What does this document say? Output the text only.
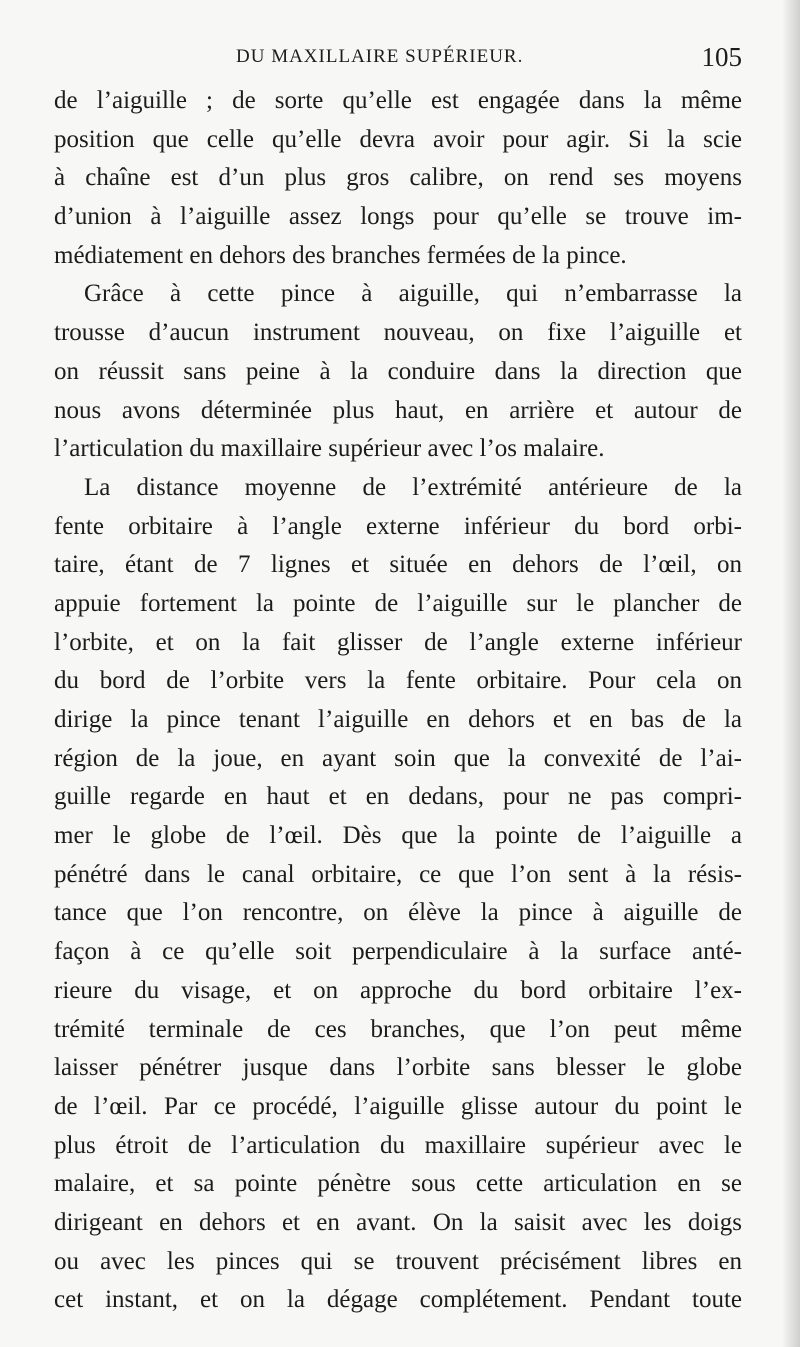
DU MAXILLAIRE SUPÉRIEUR.	105
de l’aiguille ; de sorte qu’elle est engagée dans la même
position que celle qu’elle devra avoir pour agir. Si la scie
à chaîne est d’un plus gros calibre, on rend ses moyens
d’union à l’aiguille assez longs pour qu’elle se trouve im-
médiatement en dehors des branches fermées de la pince.
Grâce à cette pince à aiguille, qui n’embarrasse la
trousse d’aucun instrument nouveau, on fixe l’aiguille et
on réussit sans peine à la conduire dans la direction que
nous avons déterminée plus haut, en arrière et autour de
l’articulation du maxillaire supérieur avec l’os malaire.
La distance moyenne de l’extrémité antérieure de la
fente orbitaire à l’angle externe inférieur du bord orbi-
taire, étant de 7 lignes et située en dehors de l’œil, on
appuie fortement la pointe de l’aiguille sur le plancher de
l’orbite, et on la fait glisser de l’angle externe inférieur
du bord de l’orbite vers la fente orbitaire. Pour cela on
dirige la pince tenant l’aiguille en dehors et en bas de la
région de la joue, en ayant soin que la convexité de l’ai-
guille regarde en haut et en dedans, pour ne pas compri-
mer le globe de l’œil. Dès que la pointe de l’aiguille a
pénétré dans le canal orbitaire, ce que l’on sent à la résis-
tance que l’on rencontre, on élève la pince à aiguille de
façon à ce qu’elle soit perpendiculaire à la surface anté-
rieure du visage, et on approche du bord orbitaire l’ex-
trémité terminale de ces branches, que l’on peut même
laisser pénétrer jusque dans l’orbite sans blesser le globe
de l’œil. Par ce procédé, l’aiguille glisse autour du point le
plus étroit de l’articulation du maxillaire supérieur avec le
malaire, et sa pointe pénètre sous cette articulation en se
dirigeant en dehors et en avant. On la saisit avec les doigs
ou avec les pinces qui se trouvent précisément libres en
cet instant, et on la dégage complétement. Pendant toute
